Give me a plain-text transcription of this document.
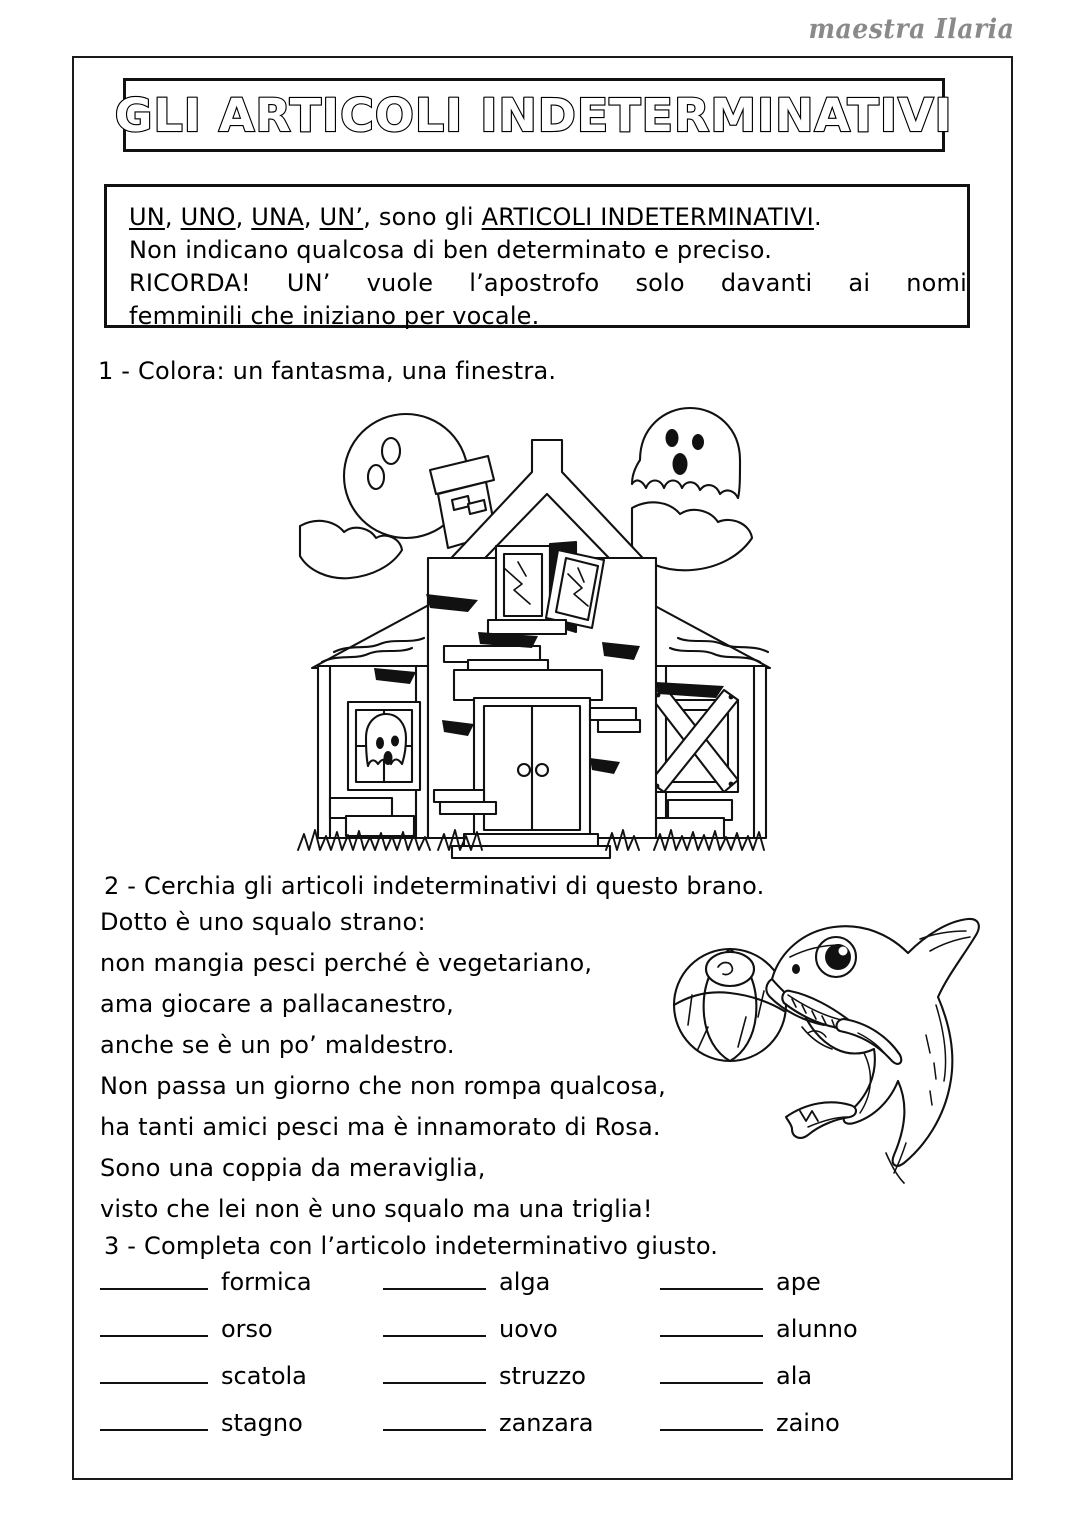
maestra Ilaria
GLI ARTICOLI INDETERMINATIVI
UN, UNO, UNA, UN’, sono gli ARTICOLI INDETERMINATIVI.
Non indicano qualcosa di ben determinato e preciso.
RICORDA! UN’ vuole l’apostrofo solo davanti ai nomi
femminili che iniziano per vocale.
1 - Colora: un fantasma, una finestra.
2 - Cerchia gli articoli indeterminativi di questo brano.
Dotto è uno squalo strano:
non mangia pesci perché è vegetariano,
ama giocare a pallacanestro,
anche se è un po’ maldestro.
Non passa un giorno che non rompa qualcosa,
ha tanti amici pesci ma è innamorato di Rosa.
Sono una coppia da meraviglia,
visto che lei non è uno squalo ma una triglia!
3 - Completa con l’articolo indeterminativo giusto.
formica	alga	ape
orso	uovo	alunno
scatola	struzzo	ala
stagno	zanzara	zaino
